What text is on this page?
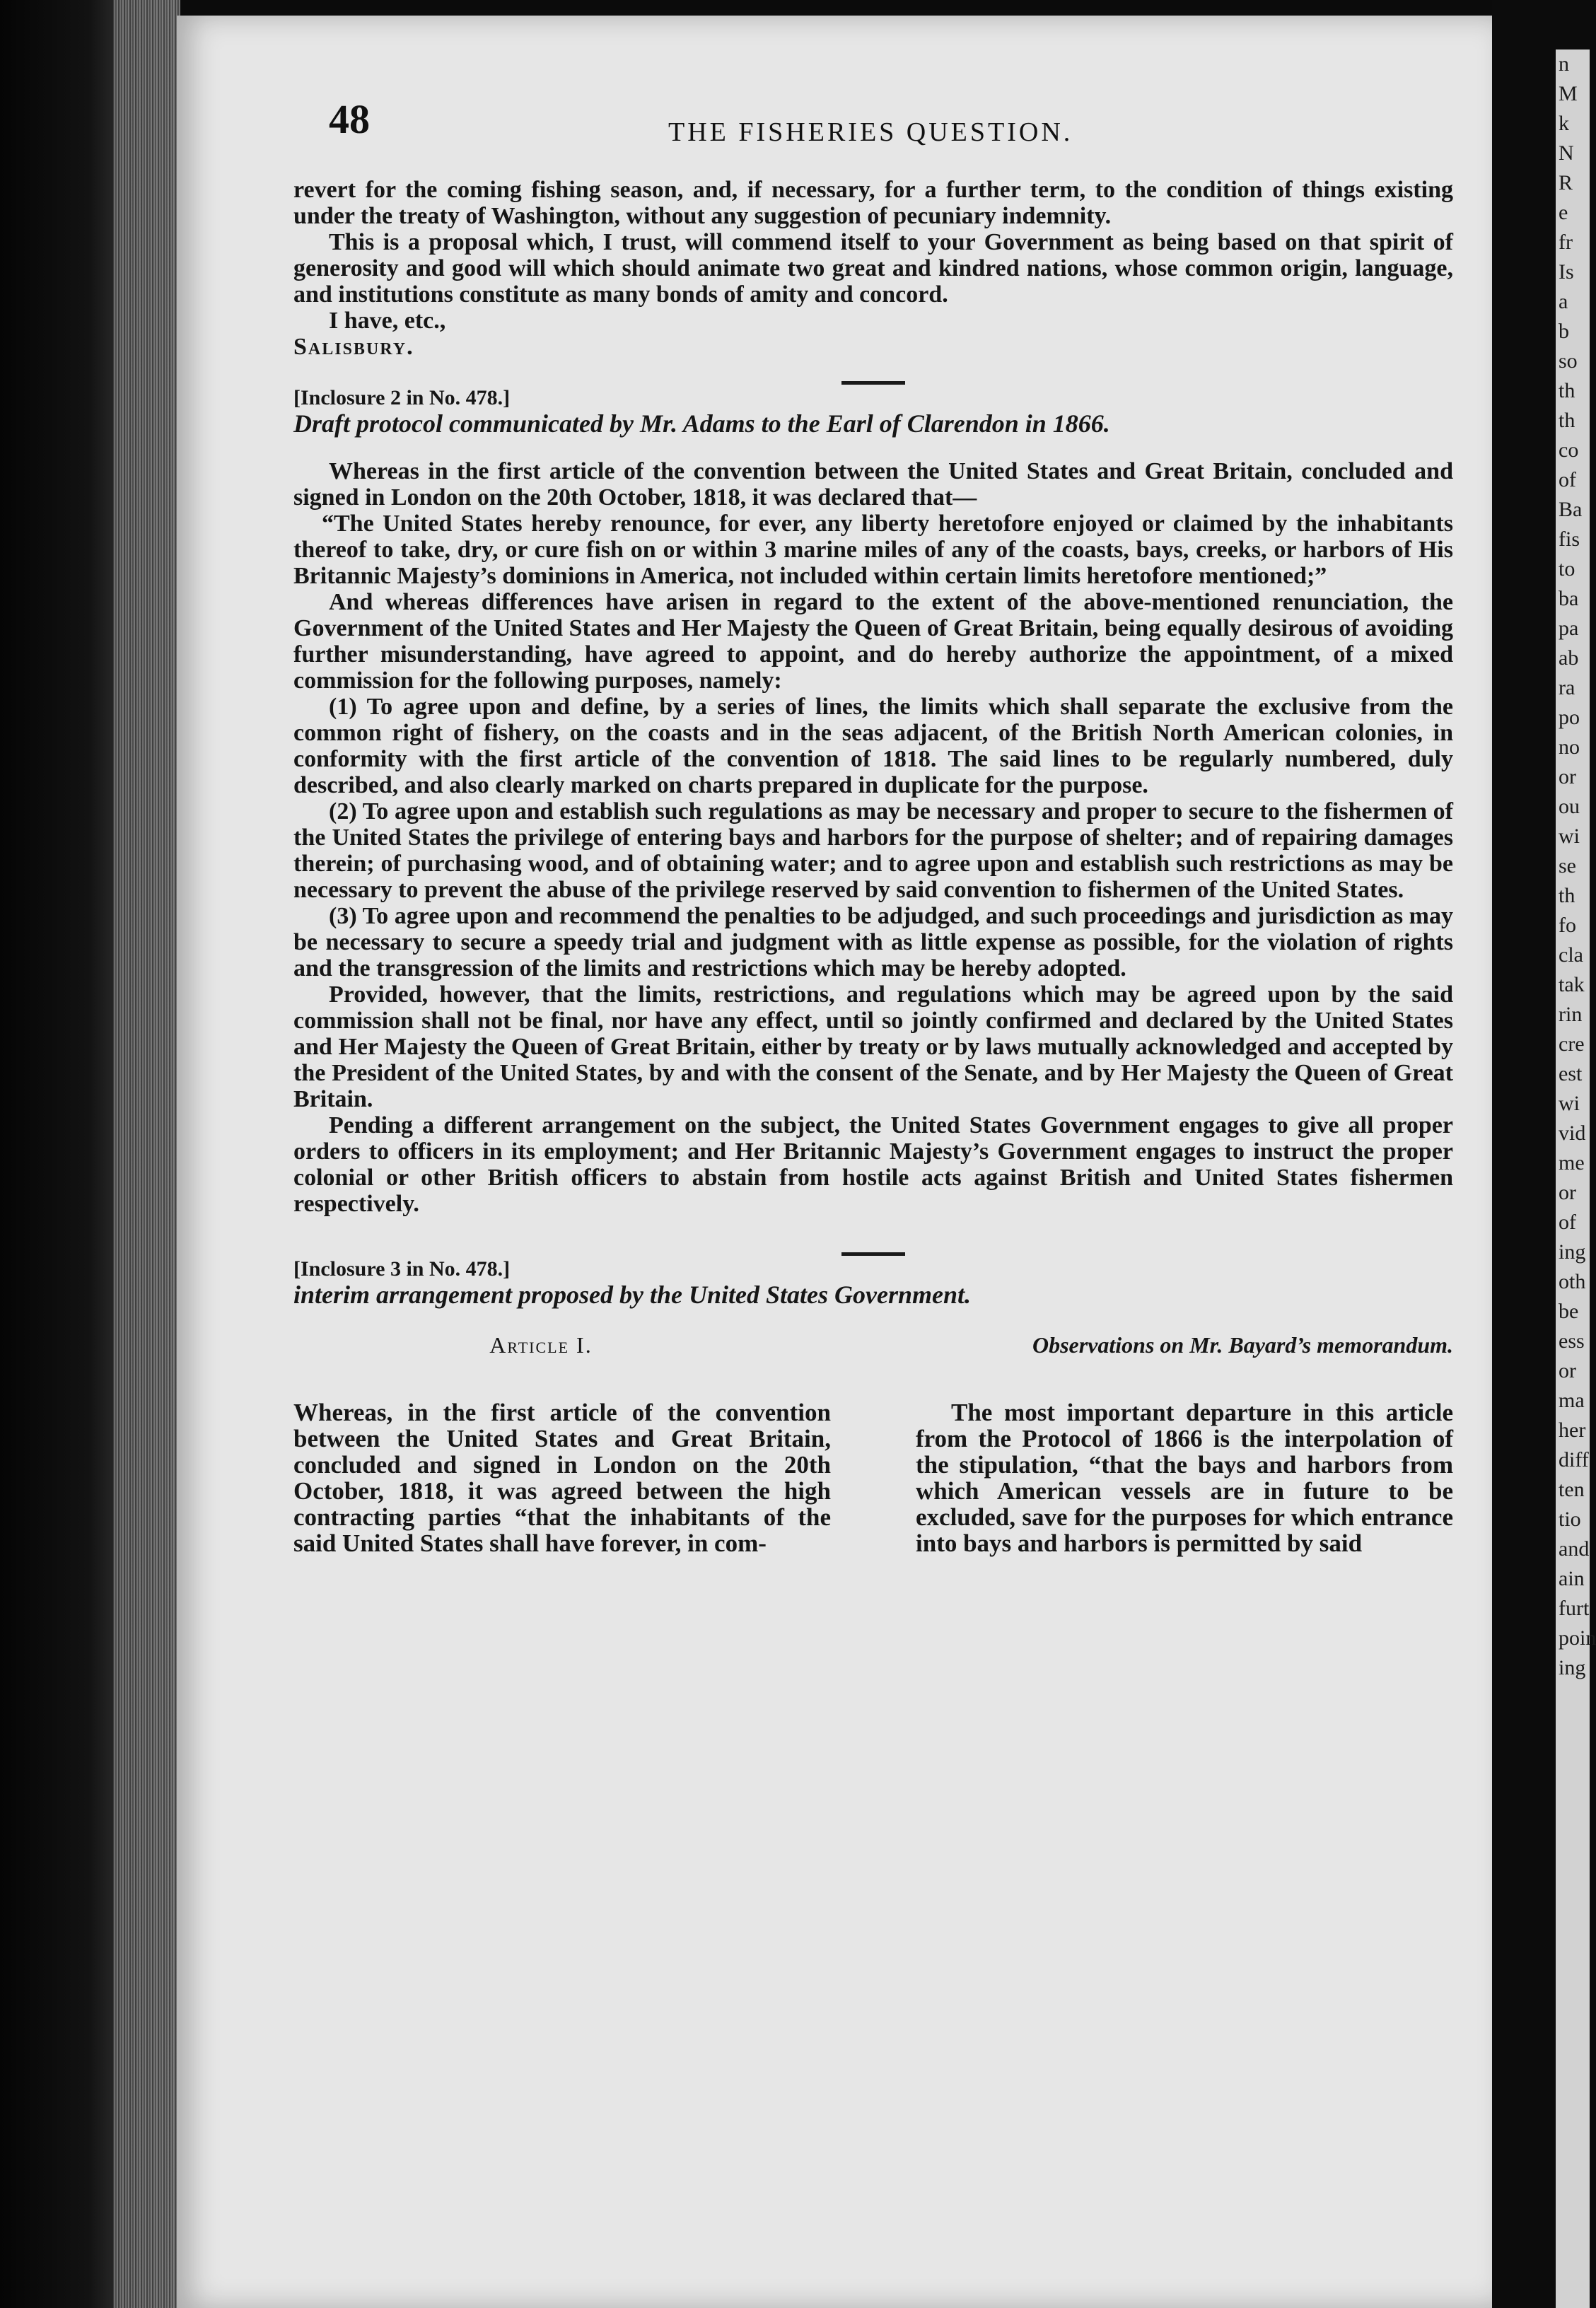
n
M
k
N
R
e
fr
Is
a
b
so
th
th
co
of
Ba
fis
to
ba
pa
ab
ra
po
no
or
ou
wi
se
th
fo
cla
tak
rin
cre
est
wi
vid
me
or
of
ing
oth
be
ess
or
ma
her
diff
ten
tio
and
ain
furt
poin
ing
48	THE FISHERIES QUESTION.

revert for the coming fishing season, and, if necessary, for a further term, to the condition of things existing under the treaty of Washington, without any suggestion of pecuniary indemnity.

This is a proposal which, I trust, will commend itself to your Government as being based on that spirit of generosity and good will which should animate two great and kindred nations, whose common origin, language, and institutions constitute as many bonds of amity and concord.

I have, etc.,

Salisbury.

[Inclosure 2 in No. 478.]

Draft protocol communicated by Mr. Adams to the Earl of Clarendon in 1866.

Whereas in the first article of the convention between the United States and Great Britain, concluded and signed in London on the 20th October, 1818, it was declared that—

“The United States hereby renounce, for ever, any liberty heretofore enjoyed or claimed by the inhabitants thereof to take, dry, or cure fish on or within 3 marine miles of any of the coasts, bays, creeks, or harbors of His Britannic Majesty’s dominions in America, not included within certain limits heretofore mentioned;”

And whereas differences have arisen in regard to the extent of the above-mentioned renunciation, the Government of the United States and Her Majesty the Queen of Great Britain, being equally desirous of avoiding further misunderstanding, have agreed to appoint, and do hereby authorize the appointment, of a mixed commission for the following purposes, namely:

(1) To agree upon and define, by a series of lines, the limits which shall separate the exclusive from the common right of fishery, on the coasts and in the seas adjacent, of the British North American colonies, in conformity with the first article of the convention of 1818. The said lines to be regularly numbered, duly described, and also clearly marked on charts prepared in duplicate for the purpose.

(2) To agree upon and establish such regulations as may be necessary and proper to secure to the fishermen of the United States the privilege of entering bays and harbors for the purpose of shelter; and of repairing damages therein; of purchasing wood, and of obtaining water; and to agree upon and establish such restrictions as may be necessary to prevent the abuse of the privilege reserved by said convention to fishermen of the United States.

(3) To agree upon and recommend the penalties to be adjudged, and such proceedings and jurisdiction as may be necessary to secure a speedy trial and judgment with as little expense as possible, for the violation of rights and the transgression of the limits and restrictions which may be hereby adopted.

Provided, however, that the limits, restrictions, and regulations which may be agreed upon by the said commission shall not be final, nor have any effect, until so jointly confirmed and declared by the United States and Her Majesty the Queen of Great Britain, either by treaty or by laws mutually acknowledged and accepted by the President of the United States, by and with the consent of the Senate, and by Her Majesty the Queen of Great Britain.

Pending a different arrangement on the subject, the United States Government engages to give all proper orders to officers in its employment; and Her Britannic Majesty’s Government engages to instruct the proper colonial or other British officers to abstain from hostile acts against British and United States fishermen respectively.

[Inclosure 3 in No. 478.]

interim arrangement proposed by the United States Government.

Article I.

Whereas, in the first article of the convention between the United States and Great Britain, concluded and signed in London on the 20th October, 1818, it was agreed between the high contracting parties “that the inhabitants of the said United States shall have forever, in com-

Observations on Mr. Bayard’s memorandum.

The most important departure in this article from the Protocol of 1866 is the interpolation of the stipulation, “that the bays and harbors from which American vessels are in future to be excluded, save for the purposes for which entrance into bays and harbors is permitted by said
